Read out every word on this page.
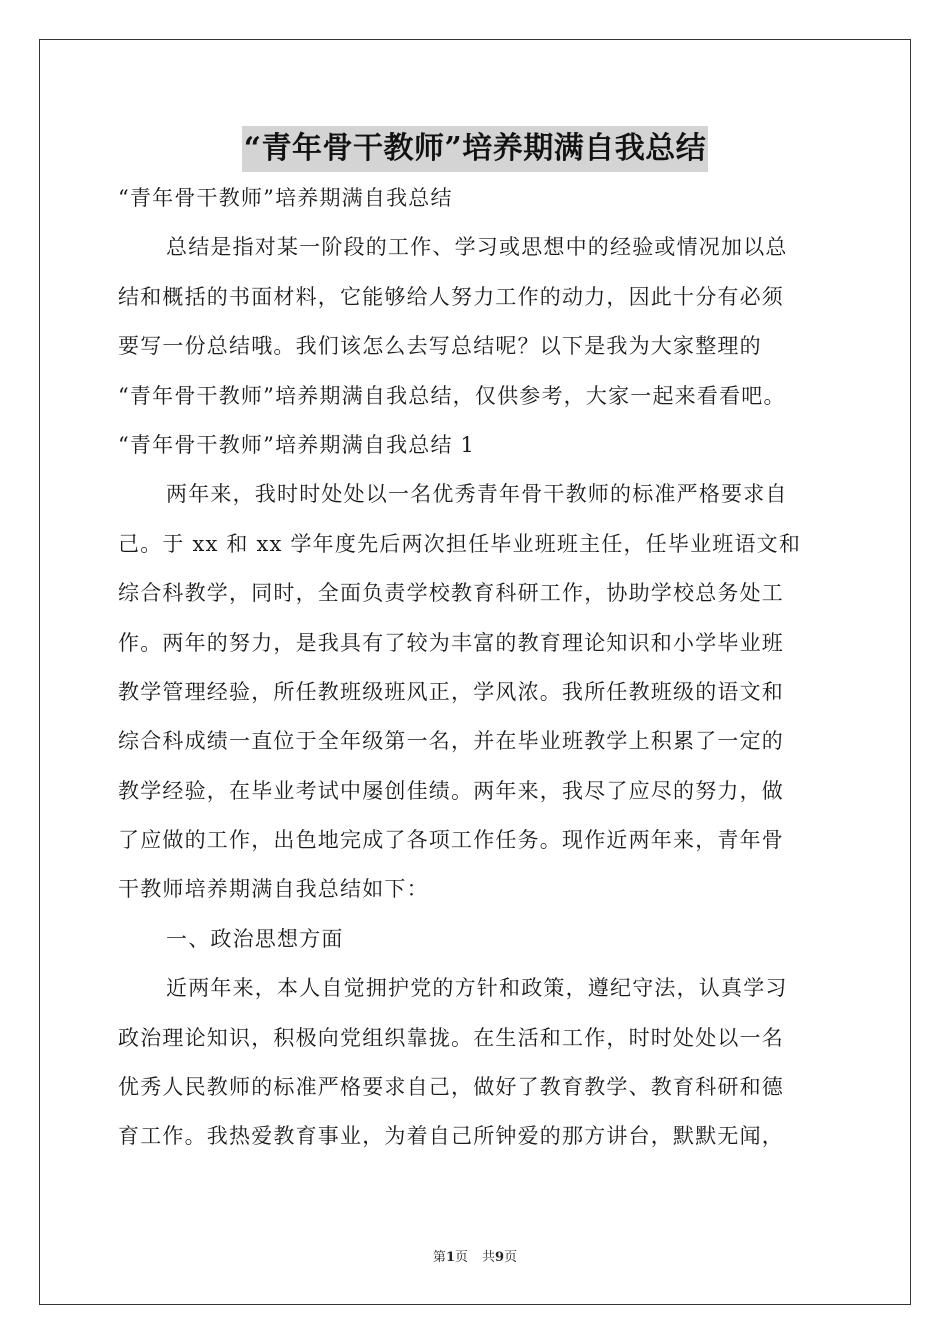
“青年骨干教师”培养期满自我总结
“青年骨干教师”培养期满自我总结
总结是指对某一阶段的工作、学习或思想中的经验或情况加以总
结和概括的书面材料，它能够给人努力工作的动力，因此十分有必须
要写一份总结哦。我们该怎么去写总结呢？以下是我为大家整理的
“青年骨干教师”培养期满自我总结，仅供参考，大家一起来看看吧。
“青年骨干教师”培养期满自我总结 1
两年来，我时时处处以一名优秀青年骨干教师的标准严格要求自
己。于 xx 和 xx 学年度先后两次担任毕业班班主任，任毕业班语文和
综合科教学，同时，全面负责学校教育科研工作，协助学校总务处工
作。两年的努力，是我具有了较为丰富的教育理论知识和小学毕业班
教学管理经验，所任教班级班风正，学风浓。我所任教班级的语文和
综合科成绩一直位于全年级第一名，并在毕业班教学上积累了一定的
教学经验，在毕业考试中屡创佳绩。两年来，我尽了应尽的努力，做
了应做的工作，出色地完成了各项工作任务。现作近两年来，青年骨
干教师培养期满自我总结如下：
一、政治思想方面
近两年来，本人自觉拥护党的方针和政策，遵纪守法，认真学习
政治理论知识，积极向党组织靠拢。在生活和工作，时时处处以一名
优秀人民教师的标准严格要求自己，做好了教育教学、教育科研和德
育工作。我热爱教育事业，为着自己所钟爱的那方讲台，默默无闻，
第1页 共9页
